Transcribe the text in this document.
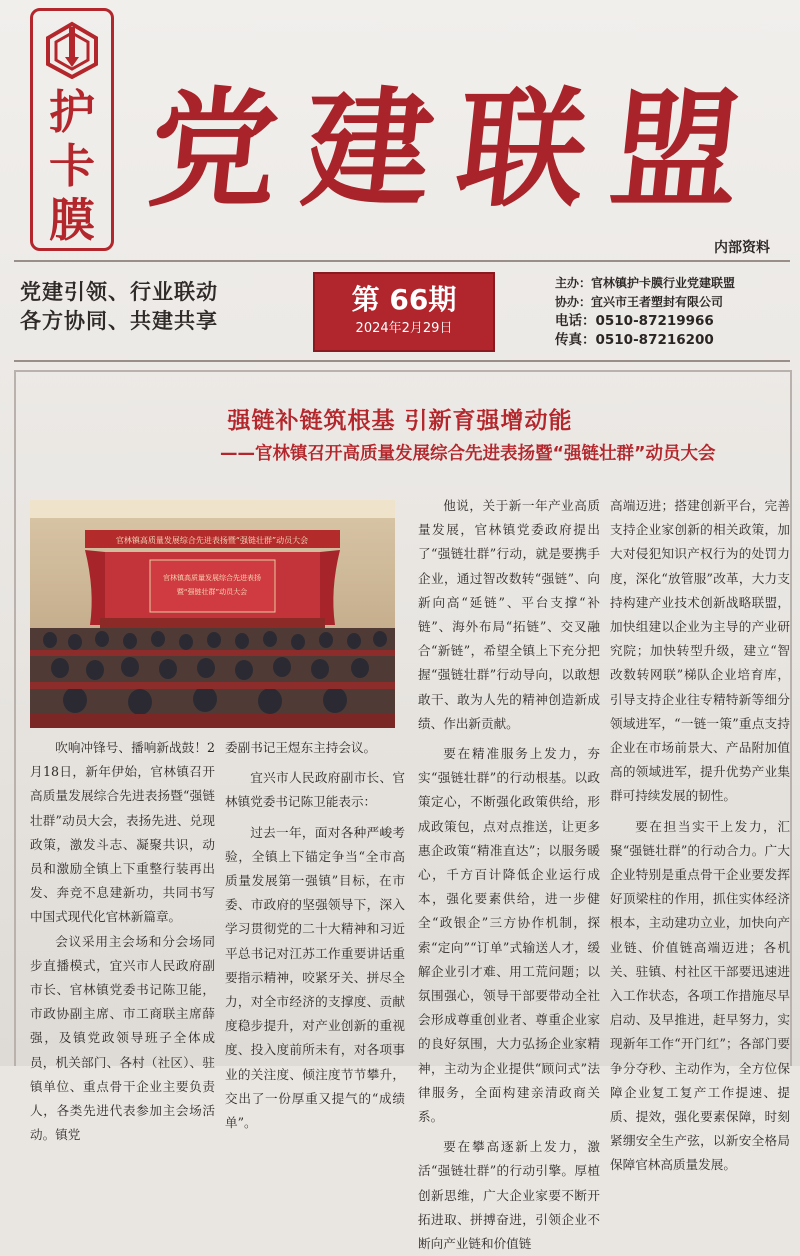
护
卡
膜 党建联盟
内部资料
党建引领、行业联动
各方协同、共建共享
第 66期
2024年2月29日
主办：官林镇护卡膜行业党建联盟
协办：宜兴市王者塑封有限公司
电话：0510-87219966
传真：0510-87216200
强链补链筑根基 引新育强增动能
——官林镇召开高质量发展综合先进表扬暨“强链壮群”动员大会
官林镇高质量发展综合先进表扬暨“强链壮群”动员大会
官林镇高质量发展综合先进表扬
暨“强链壮群”动员大会

吹响冲锋号、播响新战鼓！2月18日，新年伊始，官林镇召开高质量发展综合先进表扬暨“强链壮群”动员大会，表扬先进、兑现政策，激发斗志、凝聚共识，动员和激励全镇上下重整行装再出发、奔竞不息建新功，共同书写中国式现代化官林新篇章。

会议采用主会场和分会场同步直播模式，宜兴市人民政府副市长、官林镇党委书记陈卫能，市政协副主席、市工商联主席薛强，及镇党政领导班子全体成员，机关部门、各村（社区）、驻镇单位、重点骨干企业主要负责人，各类先进代表参加主会场活动。镇党

委副书记王煜东主持会议。

宜兴市人民政府副市长、官林镇党委书记陈卫能表示：

过去一年，面对各种严峻考验，全镇上下锚定争当“全市高质量发展第一强镇”目标，在市委、市政府的坚强领导下，深入学习贯彻党的二十大精神和习近平总书记对江苏工作重要讲话重要指示精神，咬紧牙关、拼尽全力，对全市经济的支撑度、贡献度稳步提升，对产业创新的重视度、投入度前所未有，对各项事业的关注度、倾注度节节攀升，交出了一份厚重又提气的“成绩单”。

他说，关于新一年产业高质量发展，官林镇党委政府提出了“强链壮群”行动，就是要携手企业，通过智改数转“强链”、向新向高“延链”、平台支撑“补链”、海外布局“拓链”、交叉融合“新链”，希望全镇上下充分把握“强链壮群”行动导向，以敢想敢干、敢为人先的精神创造新成绩、作出新贡献。

要在精准服务上发力，夯实“强链壮群”的行动根基。以政策定心，不断强化政策供给，形成政策包，点对点推送，让更多惠企政策“精准直达”；以服务暖心，千方百计降低企业运行成本，强化要素供给，进一步健全“政银企”三方协作机制，探索“定向”“订单”式输送人才，缓解企业引才难、用工荒问题；以氛围强心，领导干部要带动全社会形成尊重创业者、尊重企业家的良好氛围，大力弘扬企业家精神，主动为企业提供“顾问式”法律服务，全面构建亲清政商关系。

要在攀高逐新上发力，激活“强链壮群”的行动引擎。厚植创新思维，广大企业家要不断开拓进取、拼搏奋进，引领企业不断向产业链和价值链

高端迈进；搭建创新平台，完善支持企业家创新的相关政策，加大对侵犯知识产权行为的处罚力度，深化“放管服”改革，大力支持构建产业技术创新战略联盟，加快组建以企业为主导的产业研究院；加快转型升级，建立“智改数转网联”梯队企业培育库，引导支持企业往专精特新等细分领域进军，“一链一策”重点支持企业在市场前景大、产品附加值高的领域进军，提升优势产业集群可持续发展的韧性。

要在担当实干上发力，汇聚“强链壮群”的行动合力。广大企业特别是重点骨干企业要发挥好顶梁柱的作用，抓住实体经济根本，主动建功立业，加快向产业链、价值链高端迈进；各机关、驻镇、村社区干部要迅速进入工作状态，各项工作措施尽早启动、及早推进，赶早努力，实现新年工作“开门红”；各部门要争分夺秒、主动作为，全方位保障企业复工复产工作提速、提质、提效，强化要素保障，时刻紧绷安全生产弦，以新安全格局保障官林高质量发展。
